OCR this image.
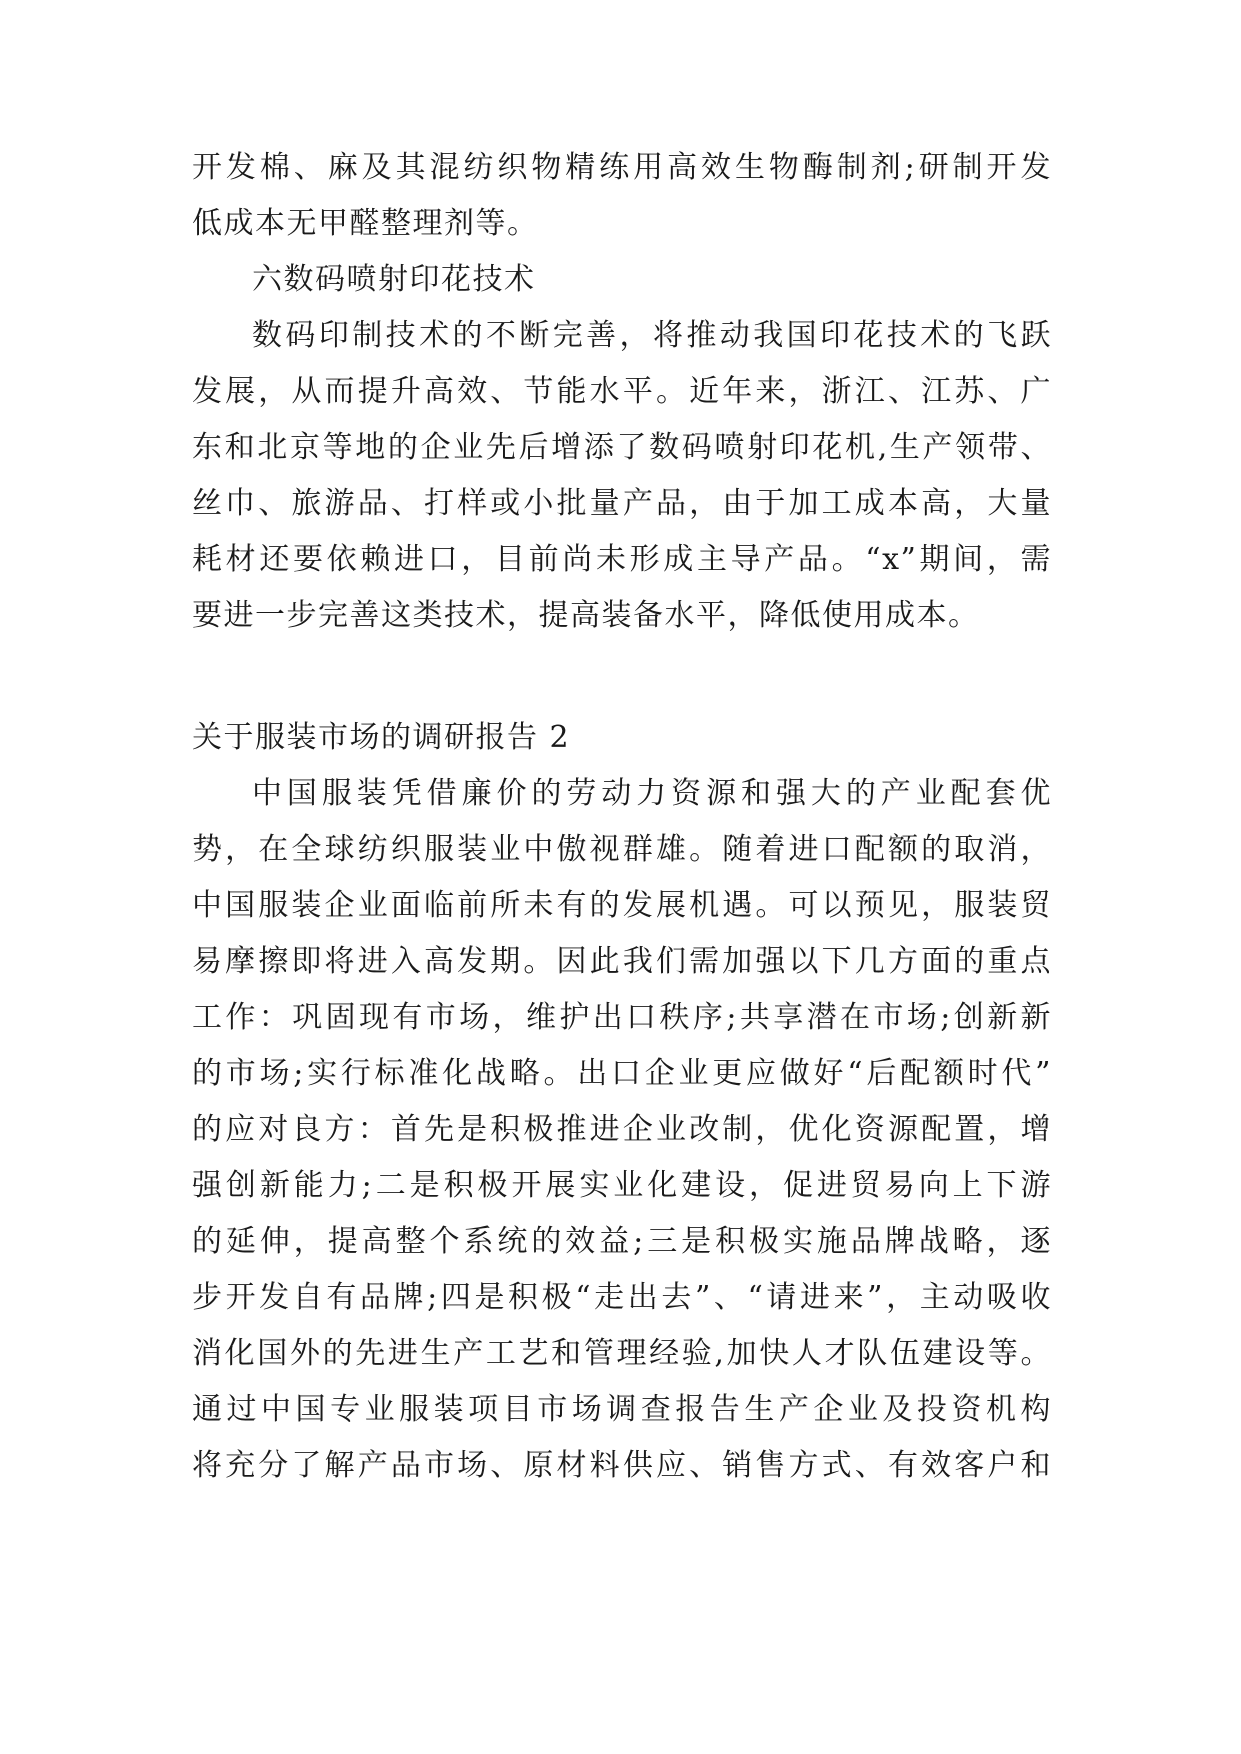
开发棉、麻及其混纺织物精练用高效生物酶制剂;研制开发
低成本无甲醛整理剂等。
六数码喷射印花技术
数码印制技术的不断完善，将推动我国印花技术的飞跃
发展，从而提升高效、节能水平。近年来，浙江、江苏、广
东和北京等地的企业先后增添了数码喷射印花机,生产领带、
丝巾、旅游品、打样或小批量产品，由于加工成本高，大量
耗材还要依赖进口，目前尚未形成主导产品。“x”期间，需
要进一步完善这类技术，提高装备水平，降低使用成本。
关于服装市场的调研报告 2
中国服装凭借廉价的劳动力资源和强大的产业配套优
势，在全球纺织服装业中傲视群雄。随着进口配额的取消，
中国服装企业面临前所未有的发展机遇。可以预见，服装贸
易摩擦即将进入高发期。因此我们需加强以下几方面的重点
工作：巩固现有市场，维护出口秩序;共享潜在市场;创新新
的市场;实行标准化战略。出口企业更应做好“后配额时代”
的应对良方：首先是积极推进企业改制，优化资源配置，增
强创新能力;二是积极开展实业化建设，促进贸易向上下游
的延伸，提高整个系统的效益;三是积极实施品牌战略，逐
步开发自有品牌;四是积极“走出去”、“请进来”，主动吸收
消化国外的先进生产工艺和管理经验,加快人才队伍建设等。
通过中国专业服装项目市场调查报告生产企业及投资机构
将充分了解产品市场、原材料供应、销售方式、有效客户和
